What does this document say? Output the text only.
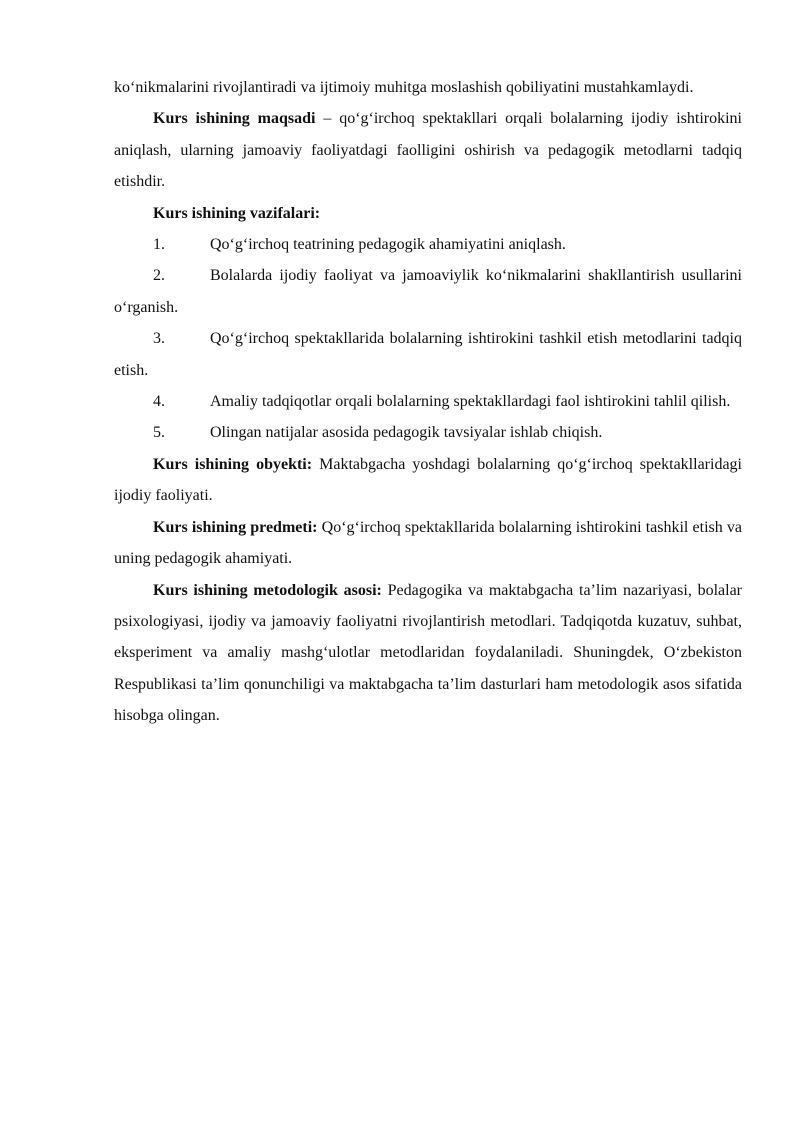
ko‘nikmalarini rivojlantiradi va ijtimoiy muhitga moslashish qobiliyatini mustahkamlaydi.

Kurs ishining maqsadi – qo‘g‘irchoq spektakllari orqali bolalarning ijodiy ishtirokini aniqlash, ularning jamoaviy faoliyatdagi faolligini oshirish va pedagogik metodlarni tadqiq etishdir.

Kurs ishining vazifalari:

1.	Qo‘g‘irchoq teatrining pedagogik ahamiyatini aniqlash.

2.	Bolalarda ijodiy faoliyat va jamoaviylik ko‘nikmalarini shakllantirish usullarini o‘rganish.

3.	Qo‘g‘irchoq spektakllarida bolalarning ishtirokini tashkil etish metodlarini tadqiq etish.

4.	Amaliy tadqiqotlar orqali bolalarning spektakllardagi faol ishtirokini tahlil qilish.

5.	Olingan natijalar asosida pedagogik tavsiyalar ishlab chiqish.

Kurs ishining obyekti: Maktabgacha yoshdagi bolalarning qo‘g‘irchoq spektakllaridagi ijodiy faoliyati.

Kurs ishining predmeti: Qo‘g‘irchoq spektakllarida bolalarning ishtirokini tashkil etish va uning pedagogik ahamiyati.

Kurs ishining metodologik asosi: Pedagogika va maktabgacha ta’lim nazariyasi, bolalar psixologiyasi, ijodiy va jamoaviy faoliyatni rivojlantirish metodlari. Tadqiqotda kuzatuv, suhbat, eksperiment va amaliy mashg‘ulotlar metodlaridan foydalaniladi. Shuningdek, O‘zbekiston Respublikasi ta’lim qonunchiligi va maktabgacha ta’lim dasturlari ham metodologik asos sifatida hisobga olingan.
